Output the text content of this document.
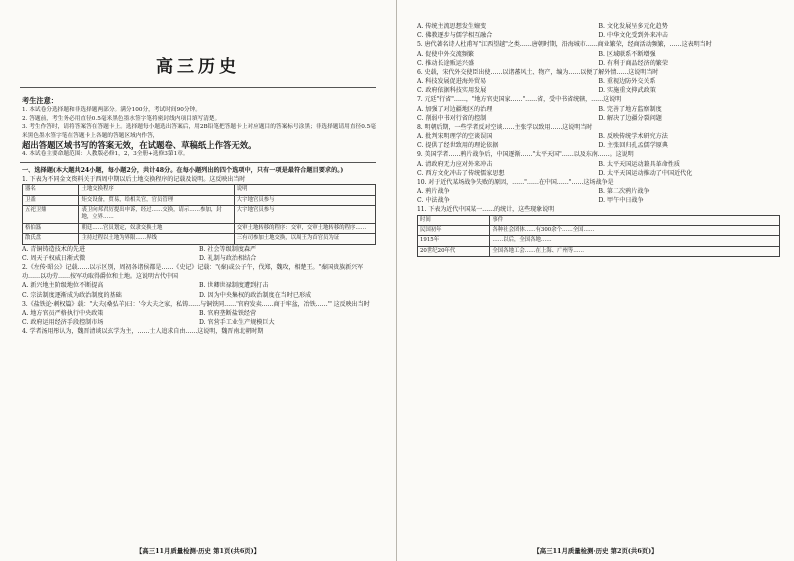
高三历史
考生注意：
1. 本试卷分选择题和非选择题两部分。满分100分，考试时间90分钟。
2. 答题前，考生务必用直径0.5毫米黑色墨水签字笔将密封线内项目填写清楚。
3. 考生作答时，请将答案答在答题卡上。选择题每小题选出答案后，用2B铅笔把答题卡上对应题目的答案标号涂黑；非选择题请用直径0.5毫米黑色墨水签字笔在答题卡上各题的答题区域内作答，
超出答题区域书写的答案无效，在试题卷、草稿纸上作答无效。
4. 本试卷主要命题范围：人教版必修1，2，3全册+选修3第1章。
一、选择题(本大题共24小题，每小题2分，共计48分。在每小题列出的四个选项中，只有一项是最符合题目要求的。)
1. 下表为不同金文资料关于西周中期以后土地交换程序的记载及说明。这反映出当时
器名	土地交换程序	说明
卫盉	矩交设备，贸易，给相关官，官员管理	大宇地官员参与
五祀卫鼎	裘卫向邦君厉提出申诉，经过……交换，请示……参加，封地，立界……	大宇地官员参与
格伯簋	朝廷……官员划定，奴隶交换土地	交审土地转移的程序：交审，交审土地转移的程序……
散氏盘	主持过程以土地为界限……界线	三有司参加土地交换，以周王为首官员为证
A. 青铜铸造技术的先进	B. 社会等级制度森严
C. 周天子权威日渐式微	D. 礼制与政治相结合
2.《左传·昭公》记载……以示区别，周初各诸侯都是……《史记》记载："(秦)或公子午，伐郑，魏攻，相楚王。"秦国贵族新兴军功……以功劳……按军功取得爵位和土地。这说明古代中国
A. 新兴地主阶级地位不断提高	B. 世卿世禄制度遭到打击
C. 宗法制度逐渐成为政治制度的基础	D. 因为中央集权的政治制度在当时已形成
3.《盐铁论·刺权篇》载："大夫(桑弘羊)曰：'今大夫之家，私铸……与铜铁同……'官府发卖……商于牢盆，冶铁……'" 这反映出当时
A. 地方官员严格执行中央政策	B. 官府垄断盐铁经营
C. 政府运用经济手段控制市场	D. 官营手工业生产规模巨大
4. 学者汤用彤认为，魏晋清谈以玄学为主，……士人追求自由……这说明，魏晋南北朝时期
【高三11月质量检测·历史 第1页(共6页)】
A. 传统主流思想发生嬗变	B. 文化发展呈多元化趋势
C. 佛教逐步与儒学相互融合	D. 中华文化受到外来冲击
5. 唐代著名诗人杜甫写"江西望越"之类……唐朝时期，沿海城市……商业繁荣，经商活动频繁，……这表明当时
A. 促使中外交流频繁	B. 区域联系不断增强
C. 推动长途贩运兴盛	D. 有利于商品经济的繁荣
6. 史载，宋代外交使臣出使……以诸蕃风土、物产，编为……以便了解外情……这说明当时
A. 科技发展促进海外贸易	B. 重视边防外交关系
C. 政府依据科技实用发展	D. 实施重文抑武政策
7. 元廷"行省"……，"地方官吏国家……"……省，受中书省统辖，……这说明
A. 加强了对边疆地区的治理	B. 完善了地方监察制度
C. 削弱中书对行省的控制	D. 解决了边疆分裂问题
8. 明朝后期，一些学者反对空谈……主张学以致用……这说明当时
A. 批判宋明理学的空谈误国	B. 反映传统学术研究方法
C. 提供了经世致用的理论依据	D. 主张回归孔孟儒学原典
9. 美国学者……鸦片战争后，中国逐渐……"太平天国"……以及东南……。这说明
A. 清政府无力应对外来冲击	B. 太平天国运动兼具革命性质
C. 西方文化冲击了传统儒家思想	D. 太平天国运动推动了中国近代化
10. 对于近代某场战争失败的原因，……"……在中国……"……这场战争是
A. 鸦片战争	B. 第二次鸦片战争
C. 中法战争	D. 甲午中日战争
11. 下表为近代中国某一……的统计，这些现象说明
时间	事件
民国初年	各种社会团体……有300余个……全国……
1915年	……以后，全国各地……
20世纪20年代	全国各地工会……在上海、广州等……
【高三11月质量检测·历史 第2页(共6页)】
